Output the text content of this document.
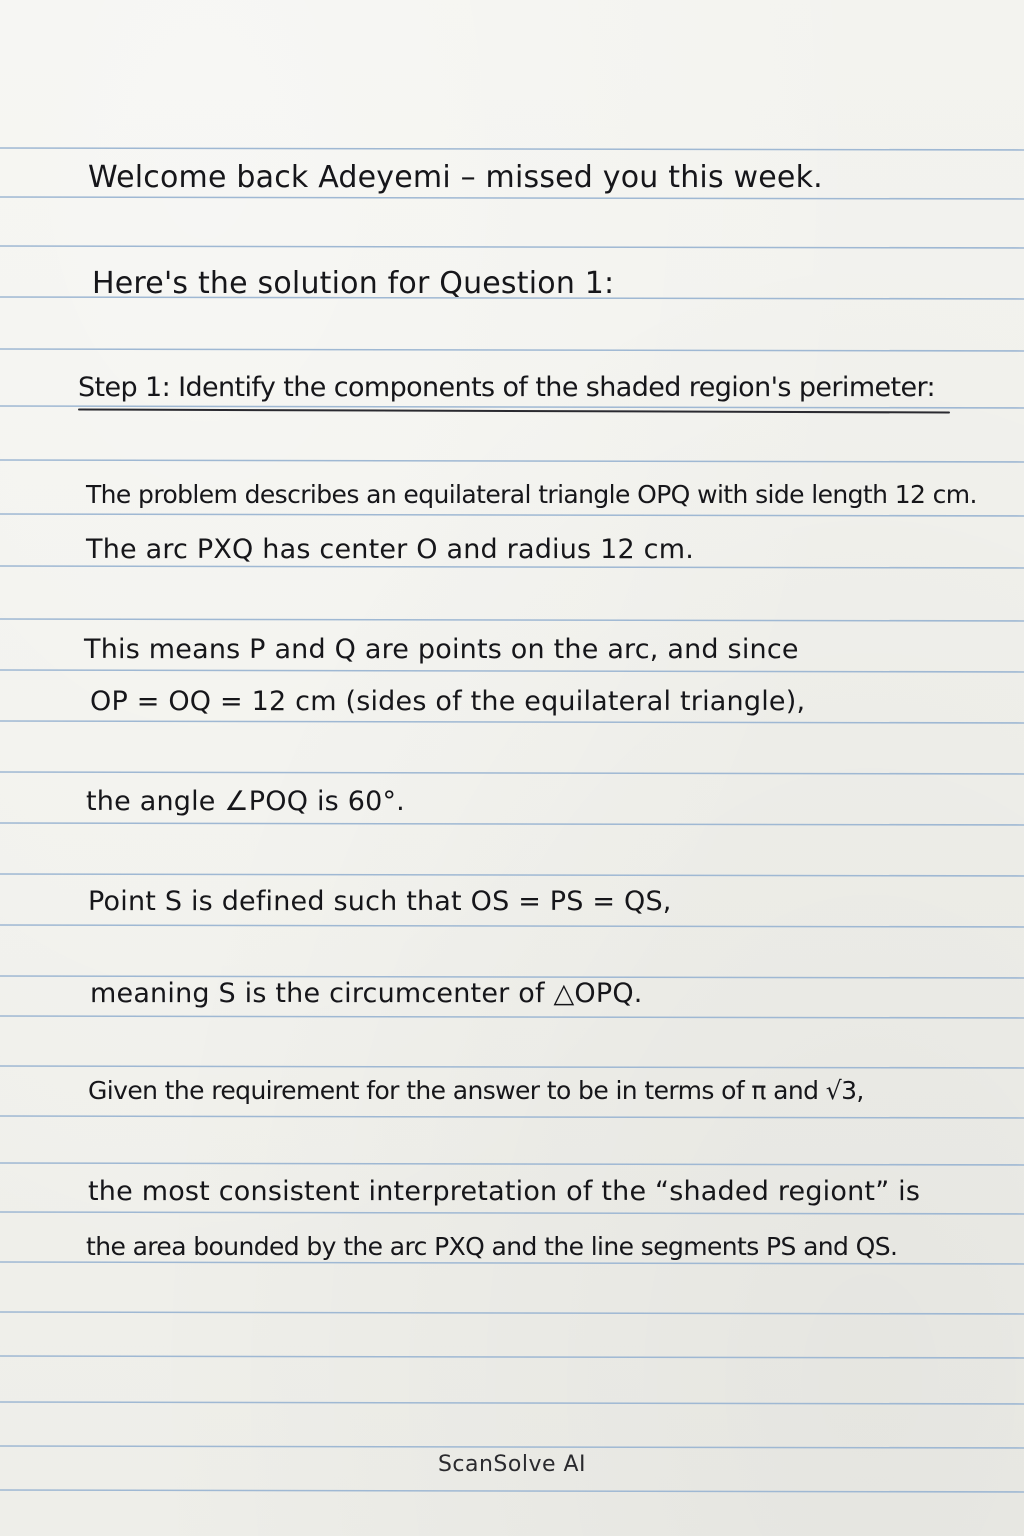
Welcome back Adeyemi – missed you this week.

Here's the solution for Question 1:

Step 1: Identify the components of the shaded region's perimeter:

The problem describes an equilateral triangle OPQ with side length 12 cm.

The arc PXQ has center O and radius 12 cm.

This means P and Q are points on the arc, and since

OP = OQ = 12 cm (sides of the equilateral triangle),

the angle ∠POQ is 60°.

Point S is defined such that OS = PS = QS,

meaning S is the circumcenter of △OPQ.

Given the requirement for the answer to be in terms of π and √3,

the most consistent interpretation of the “shaded regiont” is

the area bounded by the arc PXQ and the line segments PS and QS.

ScanSolve AI
